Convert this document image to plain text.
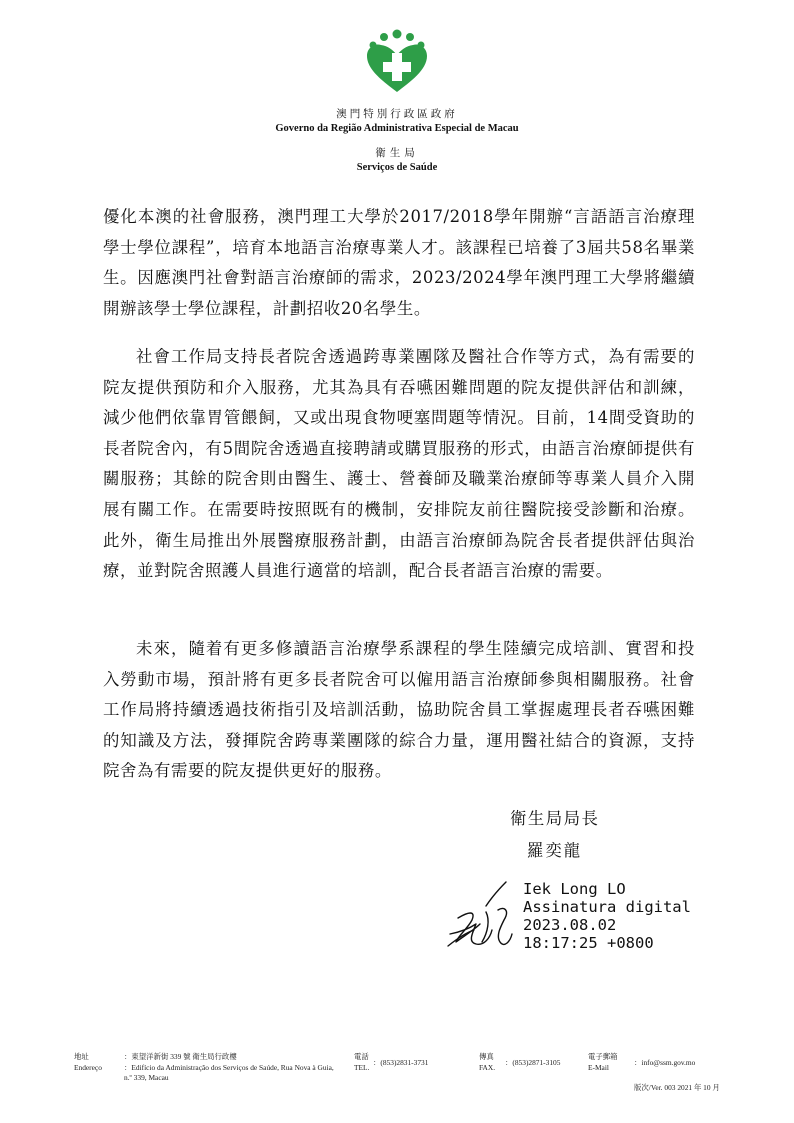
澳門特別行政區政府
Governo da Região Administrativa Especial de Macau
衛生局
Serviços de Saúde

優化本澳的社會服務，澳門理工大學於2017/2018學年開辦“言語語言治療理學士學位課程”，培育本地語言治療專業人才。該課程已培養了3屆共58名畢業生。因應澳門社會對語言治療師的需求，2023/2024學年澳門理工大學將繼續開辦該學士學位課程，計劃招收20名學生。

社會工作局支持長者院舍透過跨專業團隊及醫社合作等方式，為有需要的院友提供預防和介入服務，尤其為具有吞嚥困難問題的院友提供評估和訓練，減少他們依靠胃管餵飼，又或出現食物哽塞問題等情況。目前，14間受資助的長者院舍內，有5間院舍透過直接聘請或購買服務的形式，由語言治療師提供有關服務；其餘的院舍則由醫生、護士、營養師及職業治療師等專業人員介入開展有關工作。在需要時按照既有的機制，安排院友前往醫院接受診斷和治療。此外，衛生局推出外展醫療服務計劃，由語言治療師為院舍長者提供評估與治療，並對院舍照護人員進行適當的培訓，配合長者語言治療的需要。

未來，隨着有更多修讀語言治療學系課程的學生陸續完成培訓、實習和投入勞動市場，預計將有更多長者院舍可以僱用語言治療師參與相關服務。社會工作局將持續透過技術指引及培訓活動，協助院舍員工掌握處理長者吞嚥困難的知識及方法，發揮院舍跨專業團隊的綜合力量，運用醫社結合的資源，支持院舍為有需要的院友提供更好的服務。

衛生局局長
羅奕龍
Iek Long LO
Assinatura digital
2023.08.02
18:17:25 +0800
地址
Endereço
：東望洋新街 339 號 衛生局行政樓
：Edifício da Administração dos Serviços de Saúde, Rua Nova à Guia, n.º 339, Macau
電話
TEL. ：(853)2831-3731
傳真
FAX. ：(853)2871-3105
電子郵箱
E-Mail	：info@ssm.gov.mo
版次/Ver. 003 2021 年 10 月
